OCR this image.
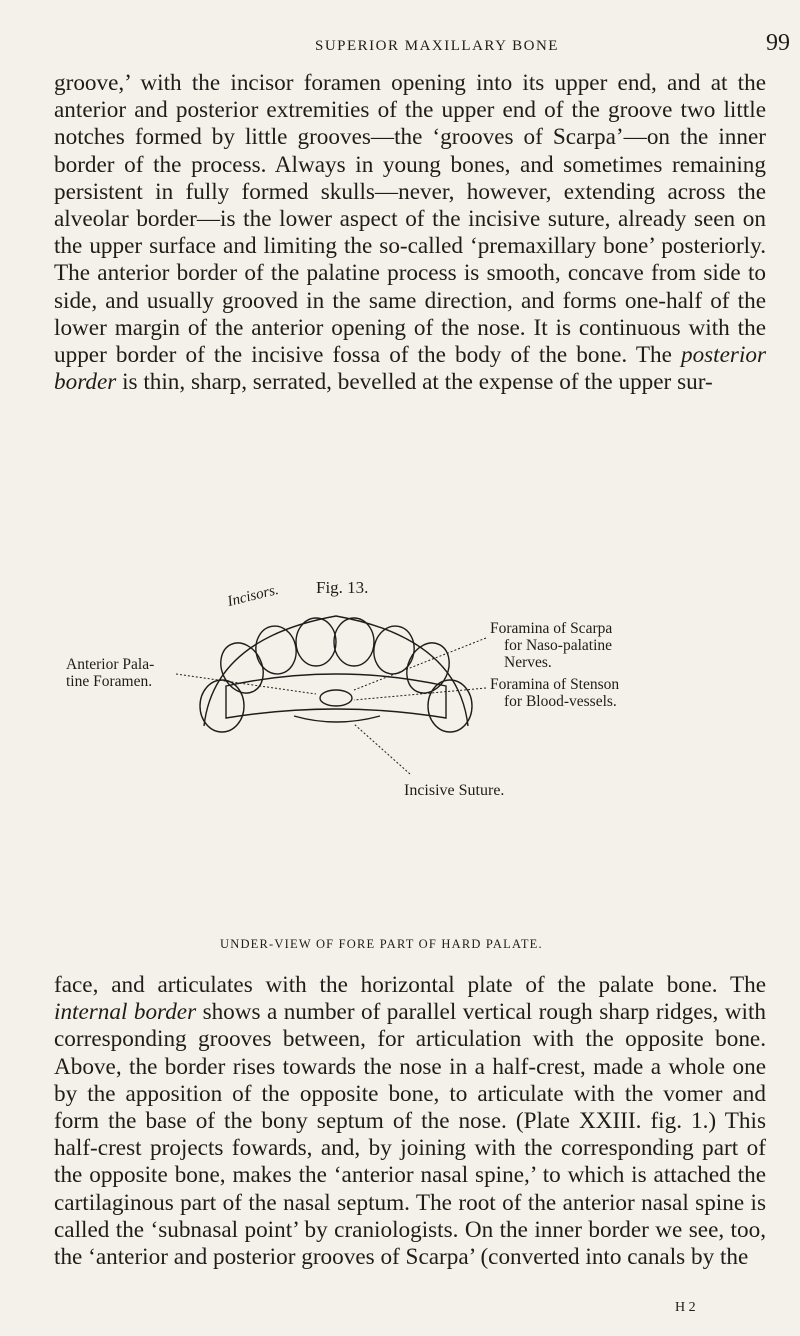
SUPERIOR MAXILLARY BONE	99

groove,’ with the incisor foramen opening into its upper end, and at the anterior and posterior extremities of the upper end of the groove two little notches formed by little grooves—the ‘grooves of Scarpa’—on the inner border of the process. Always in young bones, and sometimes remaining persistent in fully formed skulls—never, however, extending across the alveolar border—is the lower aspect of the incisive suture, already seen on the upper surface and limiting the so-called ‘premaxillary bone’ posteriorly. The anterior border of the palatine process is smooth, concave from side to side, and usually grooved in the same direction, and forms one-half of the lower margin of the anterior opening of the nose. It is continuous with the upper border of the incisive fossa of the body of the bone. The posterior border is thin, sharp, serrated, bevelled at the expense of the upper sur-

Fig. 13.
Incisors.
Anterior Pala-
tine Foramen.
Foramina of Scarpa
for Naso-palatine
Nerves.
Foramina of Stenson
for Blood-vessels.
Incisive Suture.
UNDER-VIEW OF FORE PART OF HARD PALATE.

face, and articulates with the horizontal plate of the palate bone. The internal border shows a number of parallel vertical rough sharp ridges, with corresponding grooves between, for articulation with the opposite bone. Above, the border rises towards the nose in a half-crest, made a whole one by the apposition of the opposite bone, to articulate with the vomer and form the base of the bony septum of the nose. (Plate XXIII. fig. 1.) This half-crest projects fowards, and, by joining with the corresponding part of the opposite bone, makes the ‘anterior nasal spine,’ to which is attached the cartilaginous part of the nasal septum. The root of the anterior nasal spine is called the ‘subnasal point’ by craniologists. On the inner border we see, too, the ‘anterior and posterior grooves of Scarpa’ (converted into canals by the

H 2
